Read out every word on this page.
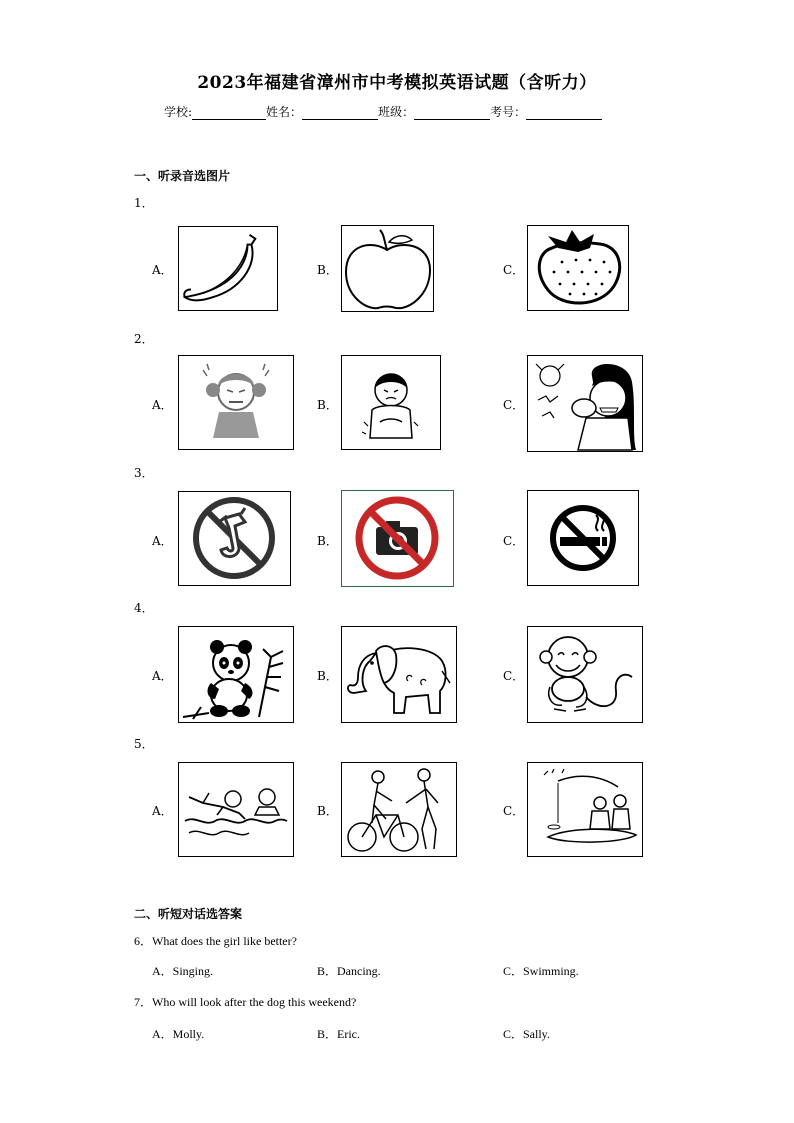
2023年福建省漳州市中考模拟英语试题（含听力）
学校:	姓名：	班级：	考号：
一、听录音选图片
1．
A．	B．	C．
2．
A．	B．	C．
3．
A．	B．	C．
4．
A．	B．	C．
5．
A．	B．	C．
二、听短对话选答案
6．What does the girl like better?
A．Singing.	B．Dancing.	C．Swimming.
7．Who will look after the dog this weekend?
A．Molly.	B．Eric.	C．Sally.
